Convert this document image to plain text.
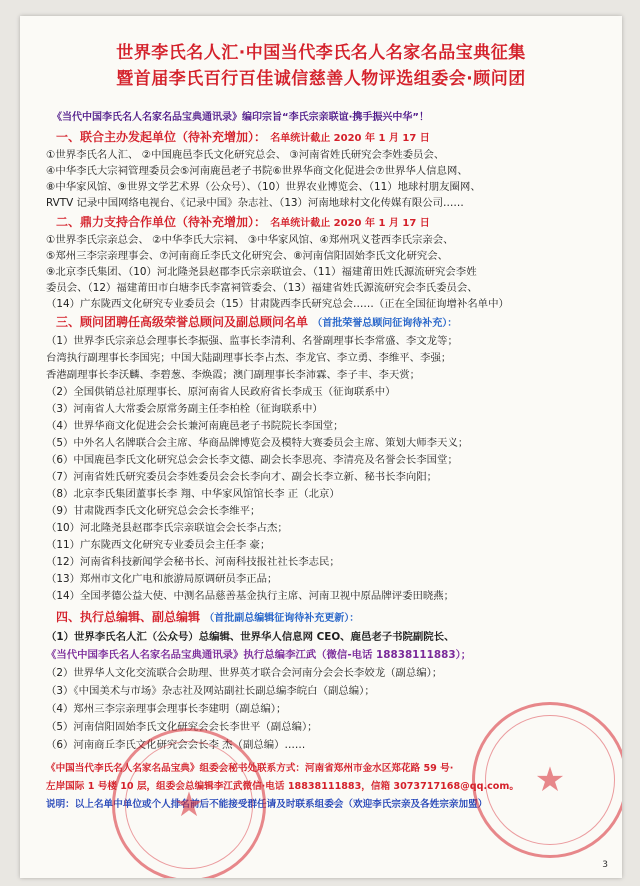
世界李氏名人汇·中国当代李氏名人名家名品宝典征集
暨首届李氏百行百佳诚信慈善人物评选组委会·顾问团
《当代中国李氏名人名家名品宝典通讯录》编印宗旨“李氏宗亲联谊·携手振兴中华”！
一、联合主办发起单位（待补充增加）： 名单统计截止 2020 年 1 月 17 日
①世界李氏名人汇、 ②中国鹿邑李氏文化研究总会、 ③河南省姓氏研究会李姓委员会、
④中华李氏大宗祠管理委员会⑤河南鹿邑老子书院⑥世界华商文化促进会⑦世界华人信息网、
⑧中华家风馆、⑨世界文学艺术界（公众号）、（10）世界农业博览会、（11）地球村朋友圈网、
RVTV 记录中国网络电视台、《记录中国》杂志社、（13）河南地球村文化传媒有限公司……
二、鼎力支持合作单位（待补充增加）： 名单统计截止 2020 年 1 月 17 日
①世界李氏宗亲总会、 ②中华李氏大宗祠、 ③中华家风馆、④郑州巩义苍西李氏宗亲会、
⑤郑州三李宗亲理事会、⑦河南商丘李氏文化研究会、⑧河南信阳固始李氏文化研究会、
⑨北京李氏集团、（10）河北隆尧县赵郡李氏宗亲联谊会、（11）福建莆田姓氏源流研究会李姓
委员会、（12）福建莆田市白塘李氏李富祠管委会、（13）福建省姓氏源流研究会李氏委员会、
（14）广东陇西文化研究专业委员会（15）甘肃陇西李氏研究总会……（正在全国征询增补名单中）
三、顾问团聘任高级荣誉总顾问及副总顾问名单 （首批荣誉总顾问征询待补充）：
（1）世界李氏宗亲总会理事长李振强、监事长李清利、名誉副理事长李常盛、李文龙等；
台湾执行副理事长李国宪；中国大陆副理事长李占杰、李龙官、李立勇、李维平、李强；
香港副理事长李沃麟、李碧葱、李焕霞；澳门副理事长李沛霖、李子丰、李天赏；
（2）全国供销总社原理事长、原河南省人民政府省长李成玉（征询联系中）
（3）河南省人大常委会原常务副主任李柏栓（征询联系中）
（4）世界华商文化促进会会长兼河南鹿邑老子书院院长李国堂；
（5）中外名人名牌联合会主席、华商品牌博览会及模特大赛委员会主席、策划大师李天义；
（6）中国鹿邑李氏文化研究总会会长李文德、副会长李思亮、李清亮及名誉会长李国堂；
（7）河南省姓氏研究委员会李姓委员会会长李向才、副会长李立新、秘书长李向阳；
（8）北京李氏集团董事长李 翔、中华家风馆馆长李 正（北京）
（9）甘肃陇西李氏文化研究总会会长李维平；
（10）河北隆尧县赵郡李氏宗亲联谊会会长李占杰；
（11）广东陇西文化研究专业委员会主任李 豪；
（12）河南省科技新闻学会秘书长、河南科技报社社长李志民；
（13）郑州市文化广电和旅游局原调研员李正品；
（14）全国孝德公益大使、中测名品慈善基金执行主席、河南卫视中原品牌评委田晓燕；
四、执行总编辑、副总编辑 （首批副总编辑征询待补充更新）：
（1）世界李氏名人汇（公众号）总编辑、世界华人信息网 CEO、鹿邑老子书院副院长、
《当代中国李氏名人名家名品宝典通讯录》执行总编李江武（微信-电话 18838111883）；
（2）世界华人文化交流联合会助理、世界英才联合会河南分会会长李姣龙（副总编）；
（3）《中国美术与市场》杂志社及网站副社长副总编李皖白（副总编）；
（4）郑州三李宗亲理事会理事长李建明（副总编）；
（5）河南信阳固始李氏文化研究会会长李世平（副总编）；
（6）河南商丘李氏文化研究会会长李 杰（副总编）……
《中国当代李氏名人名家名品宝典》组委会秘书处联系方式：河南省郑州市金水区郑花路 59 号·
左岸国际 1 号楼 10 层，组委会总编辑李江武微信·电话 18838111883，信箱 3073717168@qq.com。
说明：以上名单中单位或个人排名前后不能接受群任请及时联系组委会（欢迎李氏宗亲及各姓宗亲加盟）
★
★
3
